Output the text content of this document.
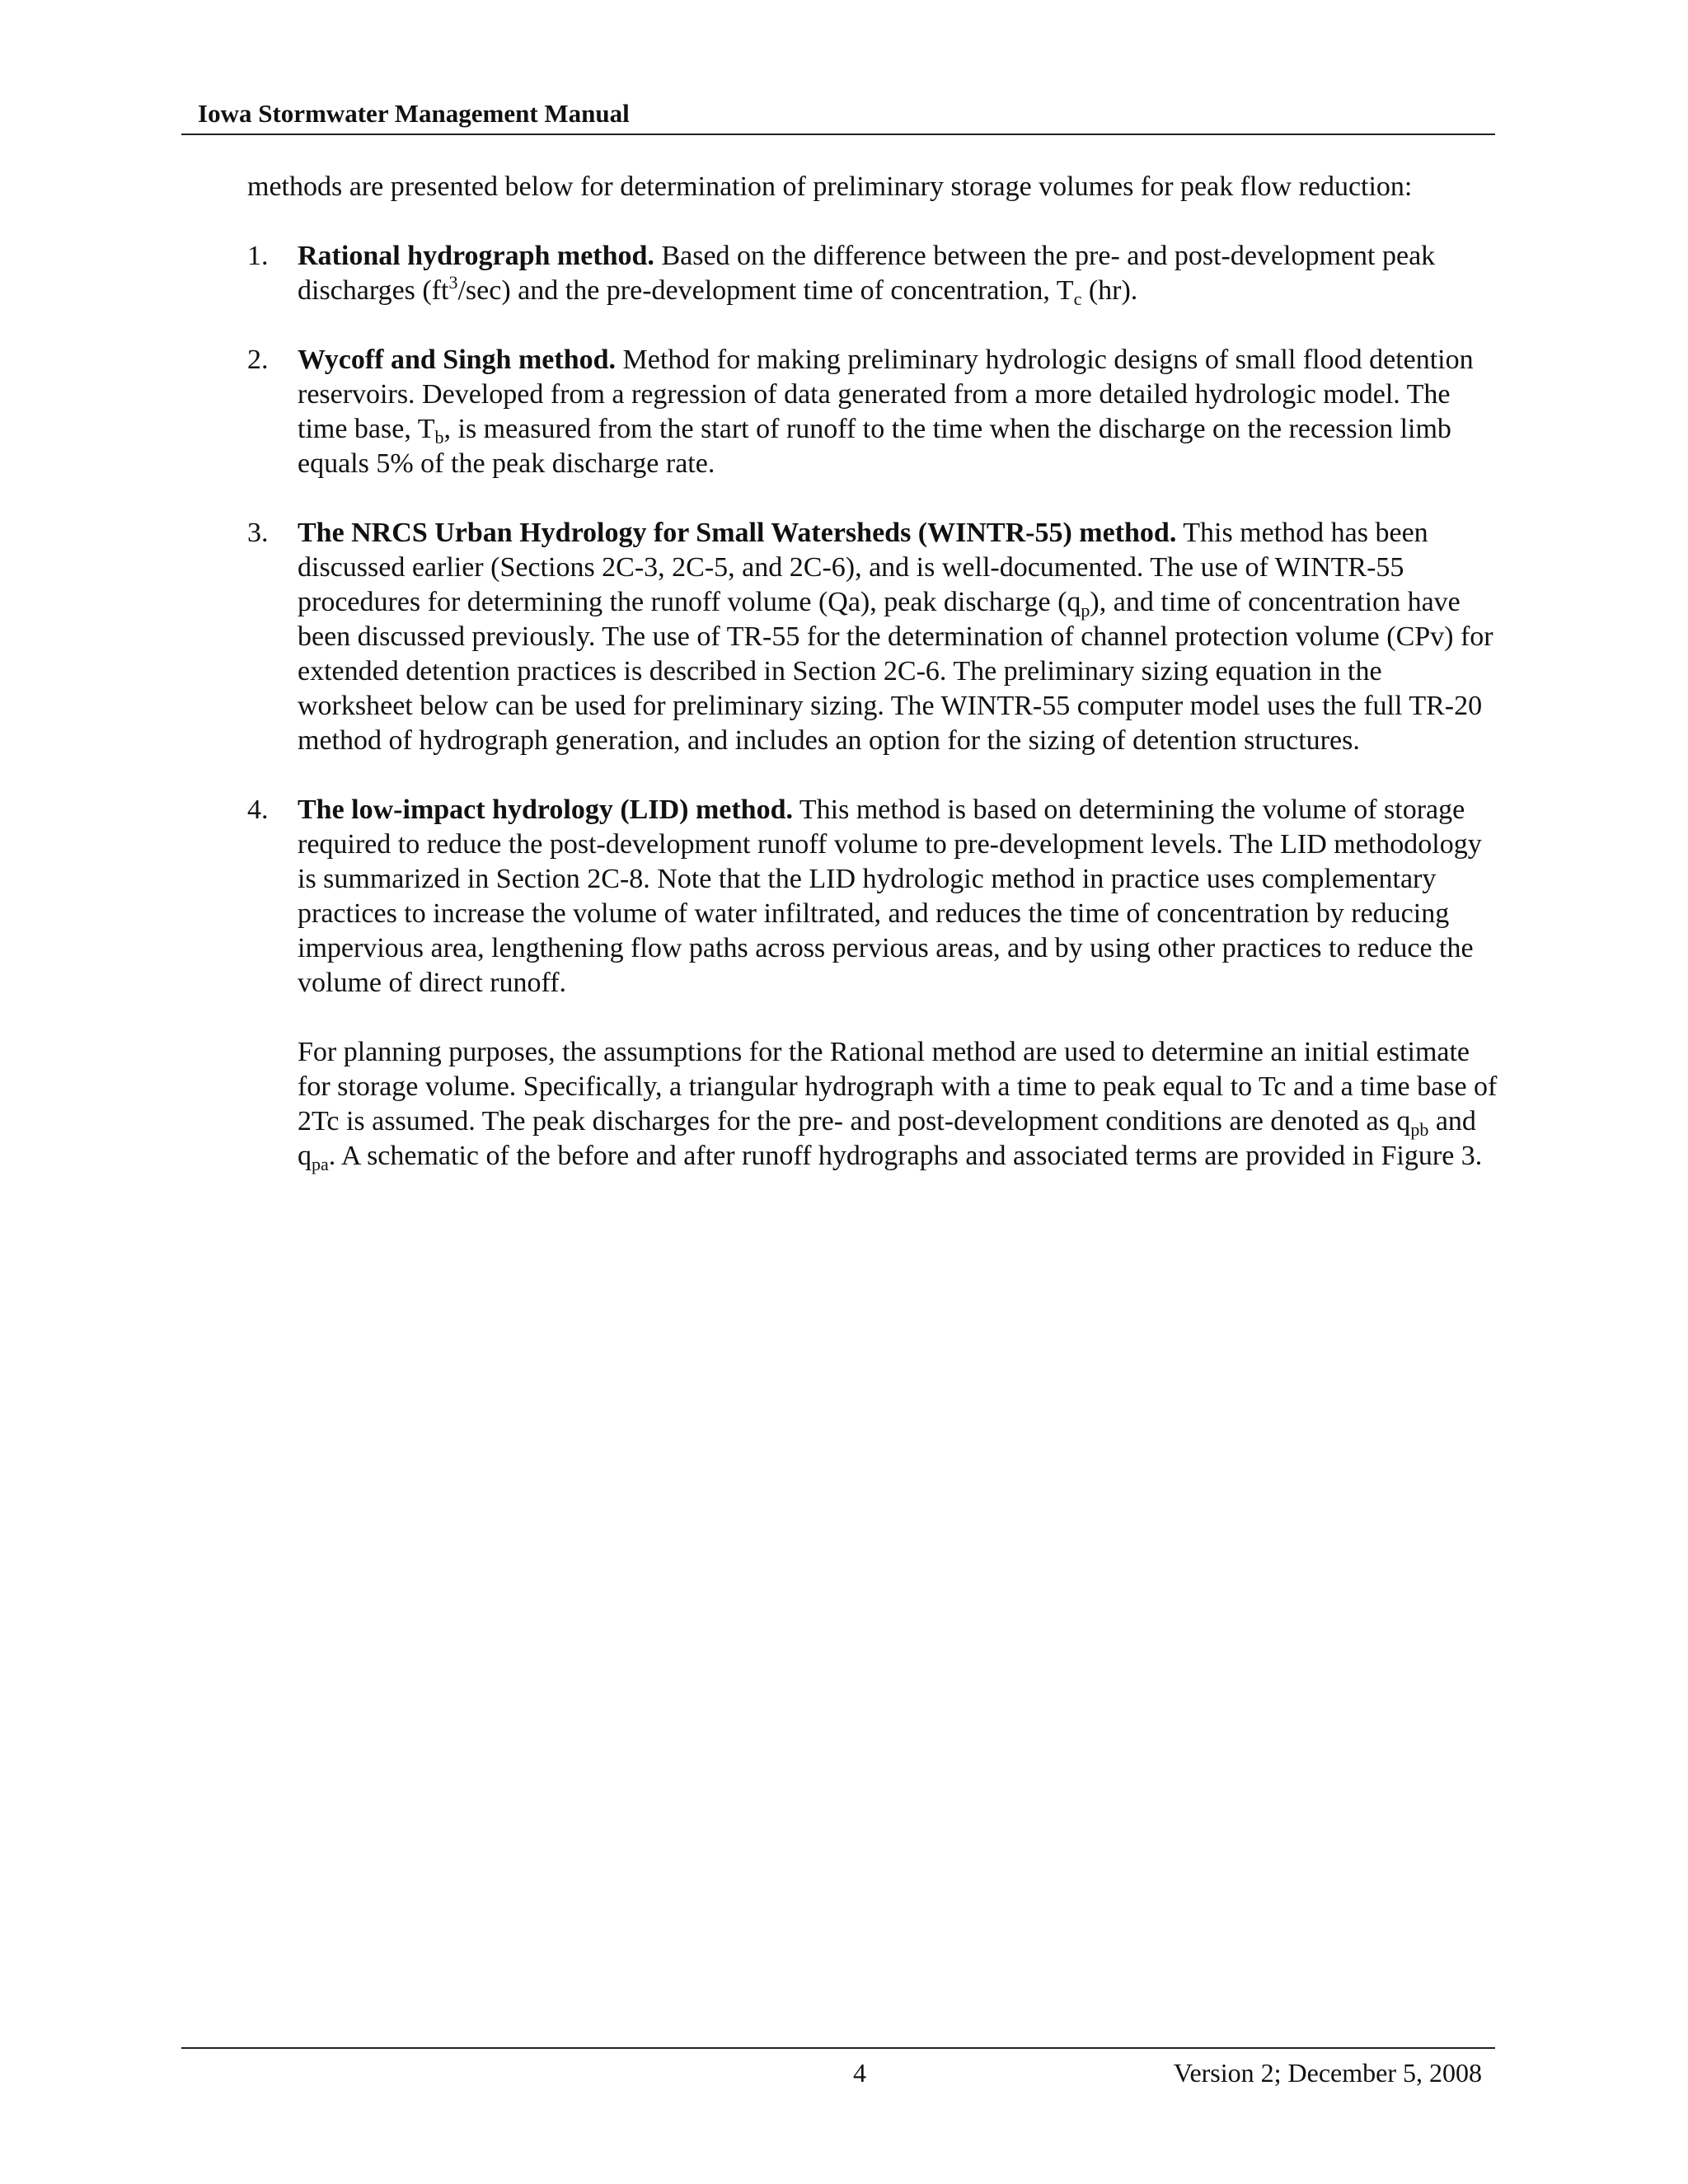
Iowa Stormwater Management Manual

methods are presented below for determination of preliminary storage volumes for peak flow reduction:

1. Rational hydrograph method. Based on the difference between the pre- and post-development peak discharges $(ft^3/\sec)$ and the pre-development time of concentration, $T_c$ (hr).
2. Wycoff and Singh method. Method for making preliminary hydrologic designs of small flood detention reservoirs. Developed from a regression of data generated from a more detailed hydrologic model. The time base, $T_b$, is measured from the start of runoff to the time when the discharge on the recession limb equals 5% of the peak discharge rate.
3. The NRCS Urban Hydrology for Small Watersheds (WINTR-55) method. This method has been discussed earlier (Sections 2C-3, 2C-5, and 2C-6), and is well-documented. The use of WINTR-55 procedures for determining the runoff volume (Qa), peak discharge $(q_p)$, and time of concentration have been discussed previously. The use of TR-55 for the determination of channel protection volume (CPv) for extended detention practices is described in Section 2C-6. The preliminary sizing equation in the worksheet below can be used for preliminary sizing. The WINTR-55 computer model uses the full TR-20 method of hydrograph generation, and includes an option for the sizing of detention structures.
4. The low-impact hydrology (LID) method. This method is based on determining the volume of storage required to reduce the post-development runoff volume to pre-development levels. The LID methodology is summarized in Section 2C-8. Note that the LID hydrologic method in practice uses complementary practices to increase the volume of water infiltrated, and reduces the time of concentration by reducing impervious area, lengthening flow paths across pervious areas, and by using other practices to reduce the volume of direct runoff.

For planning purposes, the assumptions for the Rational method are used to determine an initial estimate for storage volume. Specifically, a triangular hydrograph with a time to peak equal to Tc and a time base of 2Tc is assumed. The peak discharges for the pre- and post-development conditions are denoted as $q_{pb}$ and $q_{pa}$. A schematic of the before and after runoff hydrographs and associated terms are provided in Figure 3.

4	Version 2; December 5, 2008
